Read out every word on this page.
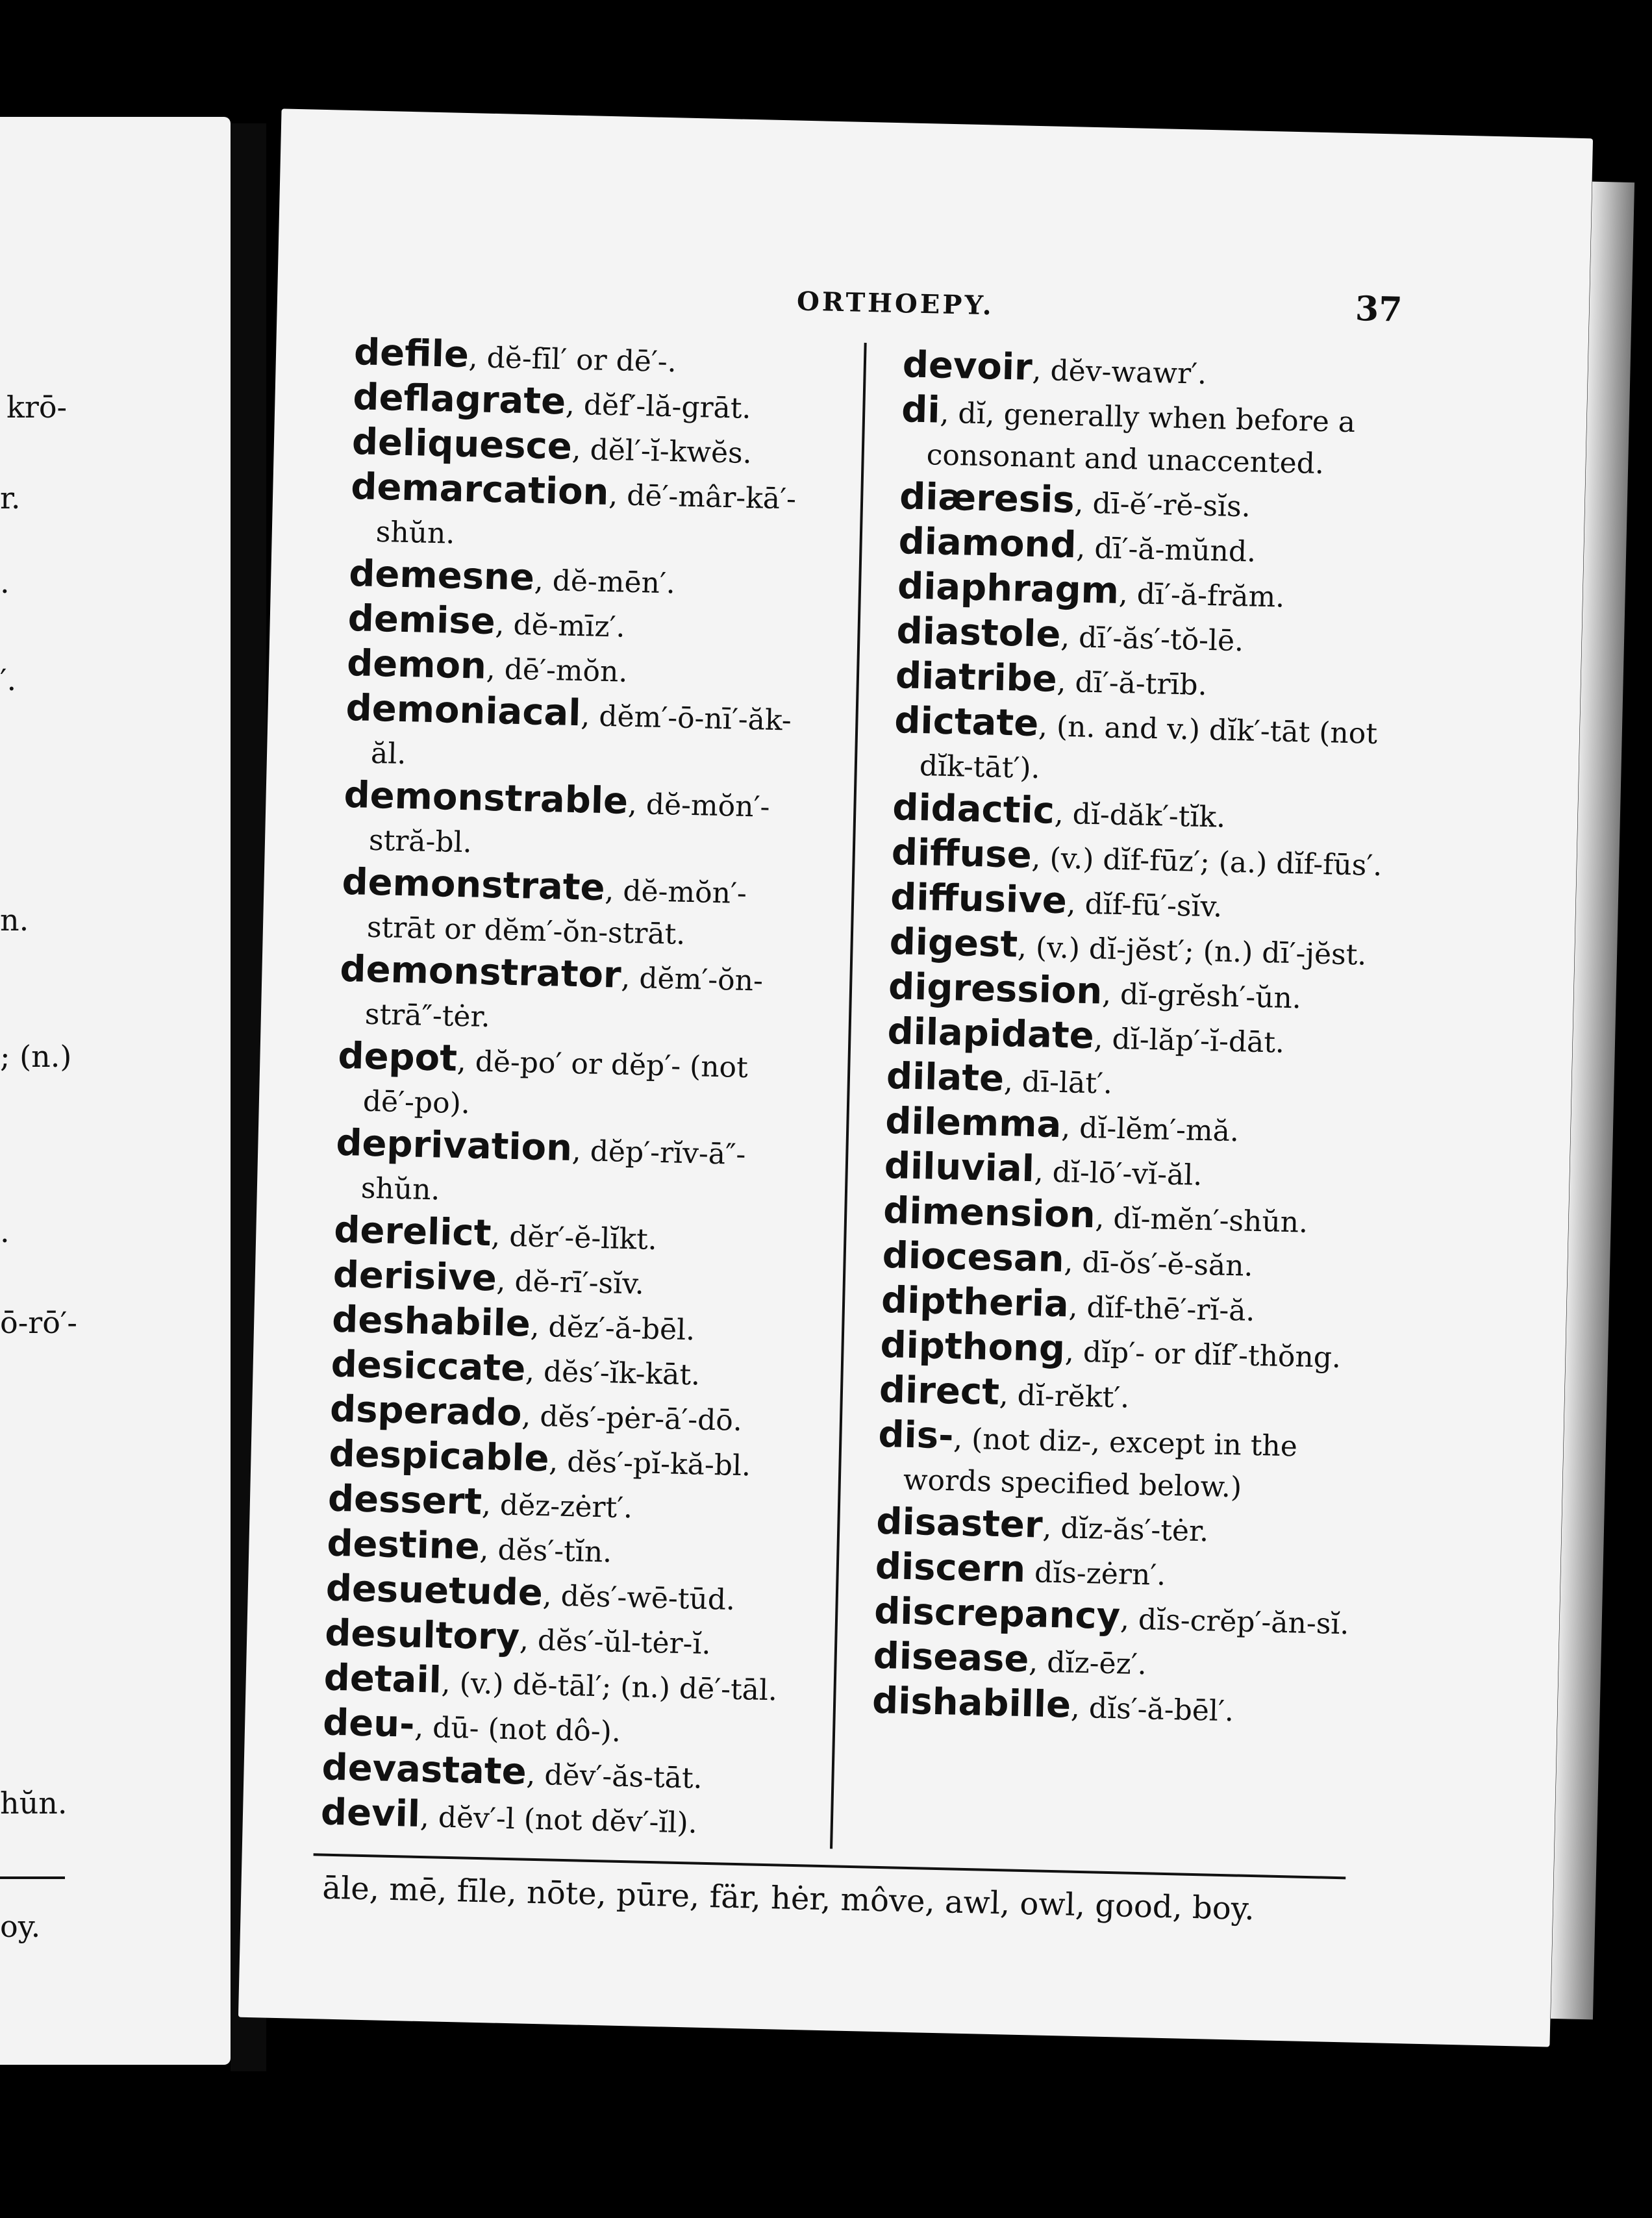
krō-
r.
.
′.
n.
; (n.)
.
ō-rō′-
hŭn.
oy.
ORTHOEPY.	37
defile, dĕ-fīl′ or dē′-.
deflagrate, dĕf′-lă-grāt.
deliquesce, dĕl′-ĭ-kwĕs.
demarcation, dē′-mâr-kā′-shŭn.
demesne, dĕ-mēn′.
demise, dĕ-mīz′.
demon, dē′-mŏn.
demoniacal, dĕm′-ō-nī′-ăk-ăl.
demonstrable, dĕ-mŏn′-stră-bl.
demonstrate, dĕ-mŏn′-strāt or dĕm′-ŏn-strāt.
demonstrator, dĕm′-ŏn-strā″-tėr.
depot, dĕ-po′ or dĕp′- (not dē′-po).
deprivation, dĕp′-rĭv-ā″-shŭn.
derelict, dĕr′-ĕ-lĭkt.
derisive, dĕ-rī′-sĭv.
deshabile, dĕz′-ă-bēl.
desiccate, dĕs′-ĭk-kāt.
dsperado, dĕs′-pėr-ā′-dō.
despicable, dĕs′-pĭ-kă-bl.
dessert, dĕz-zėrt′.
destine, dĕs′-tĭn.
desuetude, dĕs′-wē-tūd.
desultory, dĕs′-ŭl-tėr-ĭ.
detail, (v.) dĕ-tāl′; (n.) dē′-tāl.
deu-, dū- (not dô-).
devastate, dĕv′-ăs-tāt.
devil, dĕv′-l (not dĕv′-ĭl).
devoir, dĕv-wawr′.
di, dĭ, generally when before a consonant and unaccented.
diæresis, dī-ĕ′-rĕ-sĭs.
diamond, dī′-ă-mŭnd.
diaphragm, dī′-ă-frăm.
diastole, dī′-ăs′-tŏ-lē.
diatribe, dī′-ă-trīb.
dictate, (n. and v.) dĭk′-tāt (not dĭk-tāt′).
didactic, dĭ-dăk′-tĭk.
diffuse, (v.) dĭf-fūz′; (a.) dĭf-fūs′.
diffusive, dĭf-fū′-sĭv.
digest, (v.) dĭ-jĕst′; (n.) dī′-jĕst.
digression, dĭ-grĕsh′-ŭn.
dilapidate, dĭ-lăp′-ĭ-dāt.
dilate, dī-lāt′.
dilemma, dĭ-lĕm′-mă.
diluvial, dĭ-lō′-vĭ-ăl.
dimension, dĭ-mĕn′-shŭn.
diocesan, dī-ŏs′-ĕ-săn.
diptheria, dĭf-thē′-rĭ-ă.
dipthong, dĭp′- or dĭf′-thŏng.
direct, dĭ-rĕkt′.
dis-, (not diz-, except in the words specified below.)
disaster, dĭz-ăs′-tėr.
discern dĭs-zėrn′.
discrepancy, dĭs-crĕp′-ăn-sĭ.
disease, dĭz-ēz′.
dishabille, dĭs′-ă-bēl′.
āle, mē, fīle, nōte, pūre, fär, hėr, môve, awl, owl, good, boy.
